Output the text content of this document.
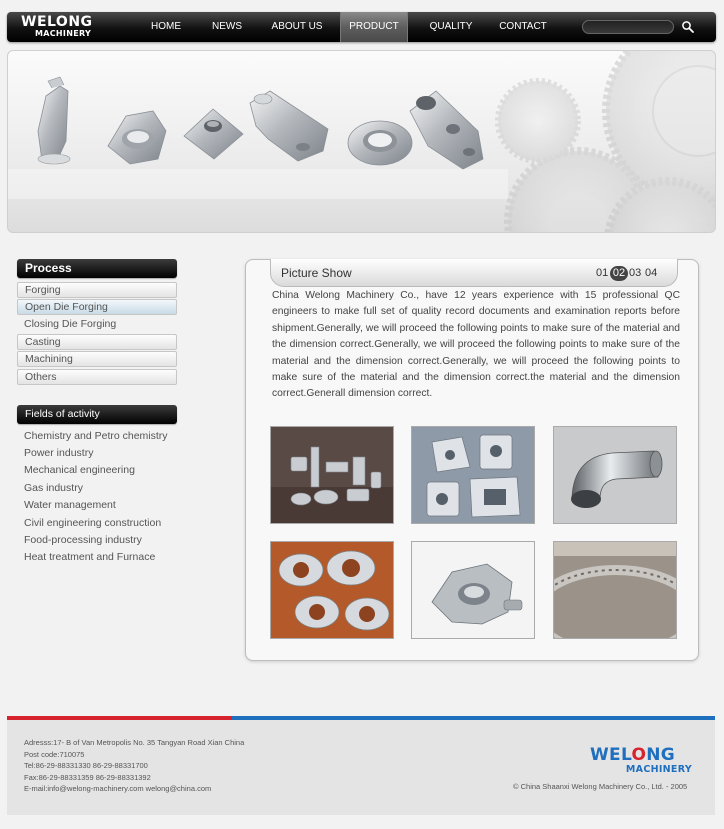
WELONG
MACHINERY
HOME	NEWS	ABOUT US	PRODUCT	QUALITY	CONTACT
Process
Forging
Open Die Forging
Closing Die Forging
Casting
Machining
Others
Fields of activity
Chemistry and Petro chemistry
Power industry
Mechanical engineering
Gas industry
Water management
Civil engineering construction
Food-processing industry
Heat treatment and Furnace
Picture Show	01 02 03 04
China Welong Machinery Co., have 12 years experience with 15 professional QC engineers to make full set of quality record documents and examination reports before shipment.Generally, we will proceed the following points to make sure of the material and the dimension correct.Generally, we will proceed the following points to make sure of the material and the dimension correct.Generally, we will proceed the following points to make sure of the material and the dimension correct.the material and the dimension correct.Generall dimension correct.
Adresss:17- B of Van Metropolis No. 35 Tangyan Road Xian China
Post code:710075
Tel:86-29-88331330 86-29-88331700
Fax:86-29-88331359 86-29-88331392
E-mail:info@welong-machinery.com welong@china.com
WELONG
MACHINERY
© China Shaanxi Welong Machinery Co., Ltd. - 2005
